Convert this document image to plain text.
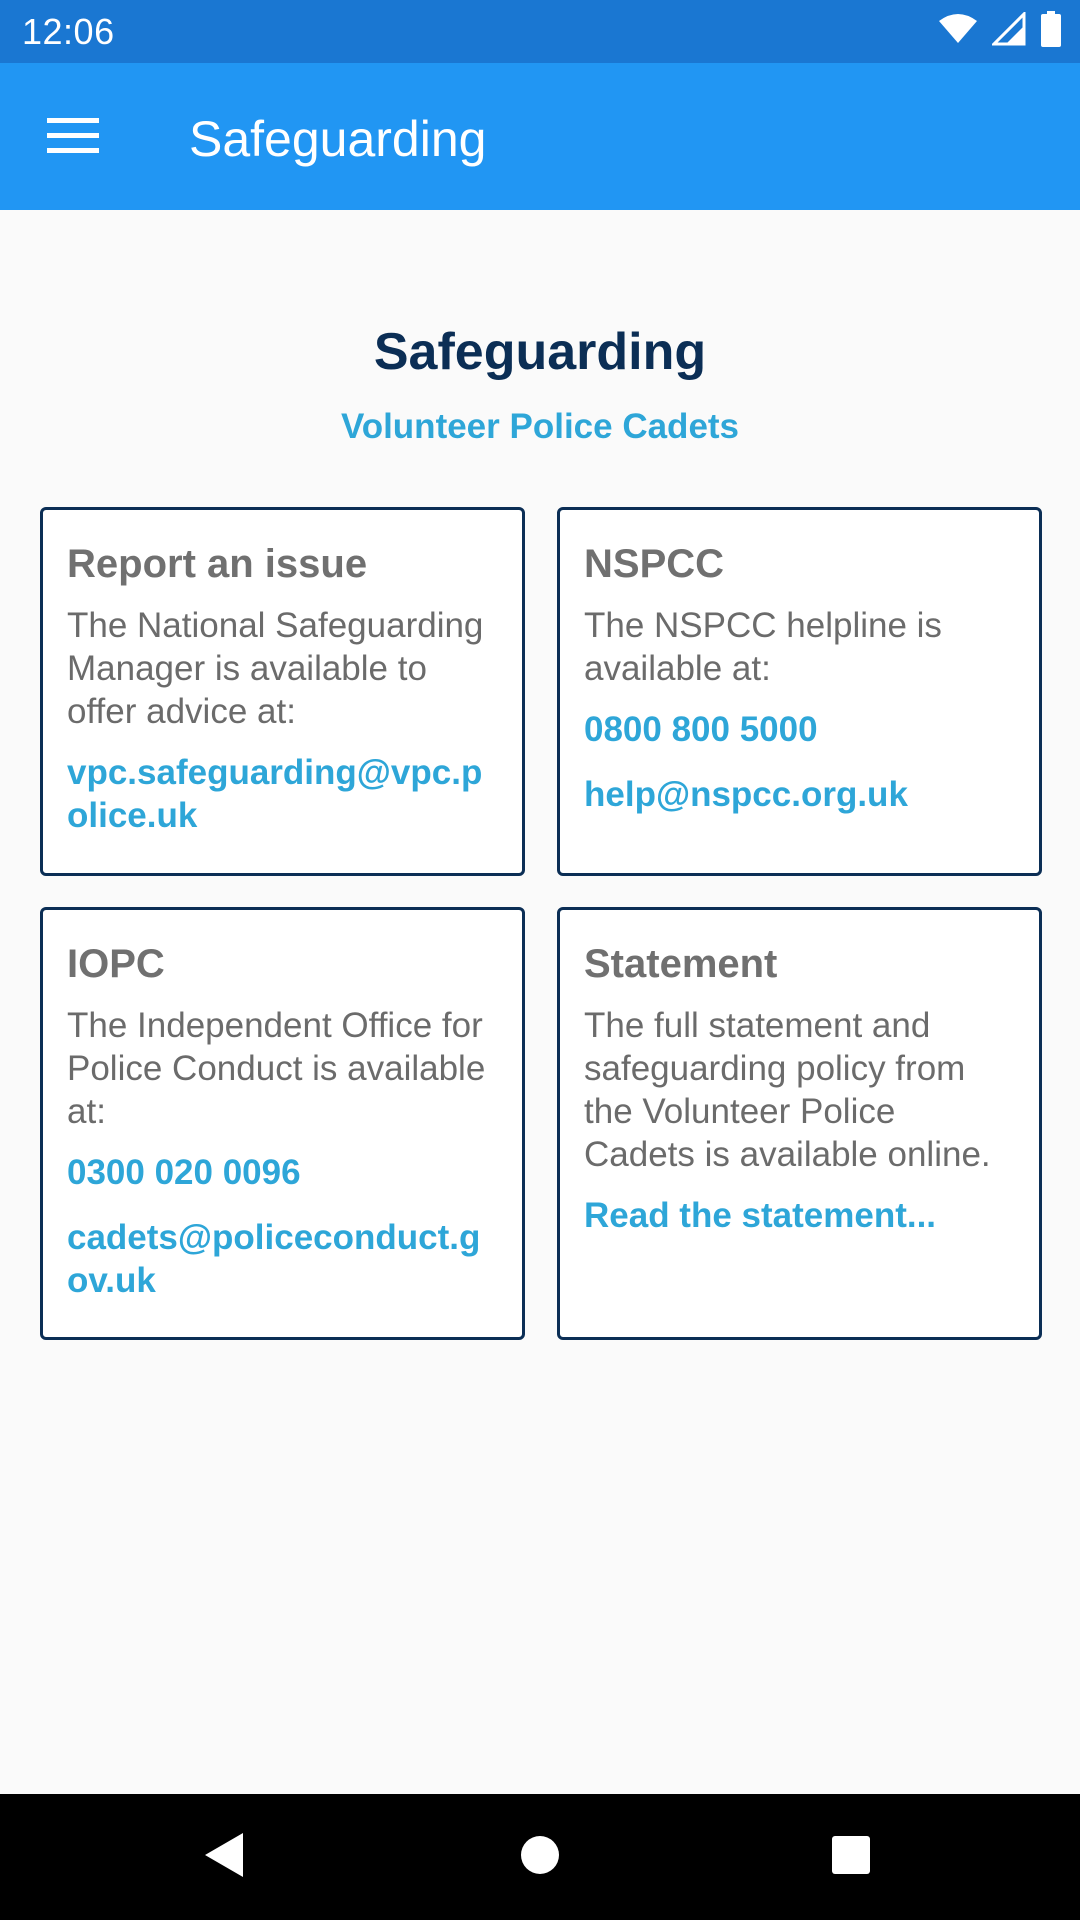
12:06
Safeguarding
Safeguarding
Volunteer Police Cadets
Report an issue
The National Safeguarding Manager is available to offer advice at:
vpc.safeguarding@vpc.police.uk
NSPCC
The NSPCC helpline is available at:
0800 800 5000
help@nspcc.org.uk
IOPC
The Independent Office for Police Conduct is available at:
0300 020 0096
cadets@policeconduct.gov.uk
Statement
The full statement and safeguarding policy from the Volunteer Police Cadets is available online.
Read the statement...
